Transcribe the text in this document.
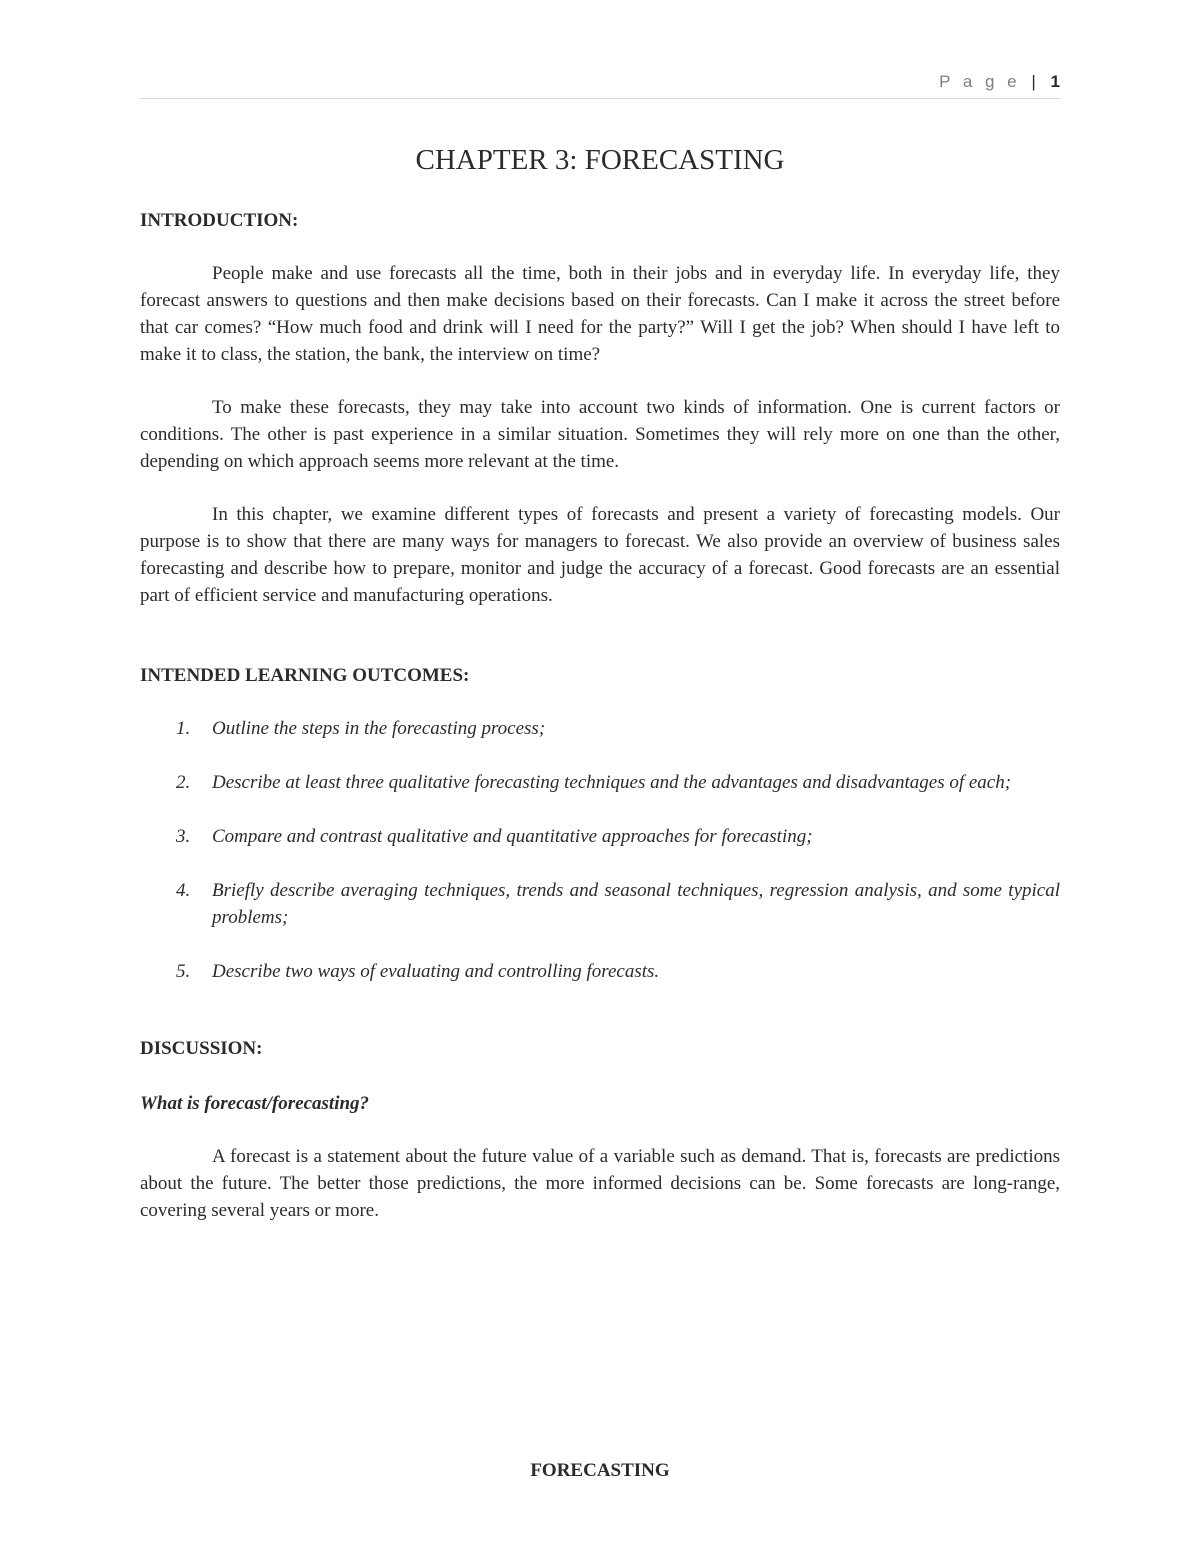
P a g e | 1
CHAPTER 3: FORECASTING
INTRODUCTION:

People make and use forecasts all the time, both in their jobs and in everyday life. In everyday life, they forecast answers to questions and then make decisions based on their forecasts. Can I make it across the street before that car comes? “How much food and drink will I need for the party?” Will I get the job? When should I have left to make it to class, the station, the bank, the interview on time?

To make these forecasts, they may take into account two kinds of information. One is current factors or conditions. The other is past experience in a similar situation. Sometimes they will rely more on one than the other, depending on which approach seems more relevant at the time.

In this chapter, we examine different types of forecasts and present a variety of forecasting models. Our purpose is to show that there are many ways for managers to forecast. We also provide an overview of business sales forecasting and describe how to prepare, monitor and judge the accuracy of a forecast. Good forecasts are an essential part of efficient service and manufacturing operations.

INTENDED LEARNING OUTCOMES:
1. Outline the steps in the forecasting process;
2. Describe at least three qualitative forecasting techniques and the advantages and disadvantages of each;
3. Compare and contrast qualitative and quantitative approaches for forecasting;
4. Briefly describe averaging techniques, trends and seasonal techniques, regression analysis, and some typical problems;
5. Describe two ways of evaluating and controlling forecasts.
DISCUSSION:
What is forecast/forecasting?

A forecast is a statement about the future value of a variable such as demand. That is, forecasts are predictions about the future. The better those predictions, the more informed decisions can be. Some forecasts are long-range, covering several years or more.

FORECASTING
